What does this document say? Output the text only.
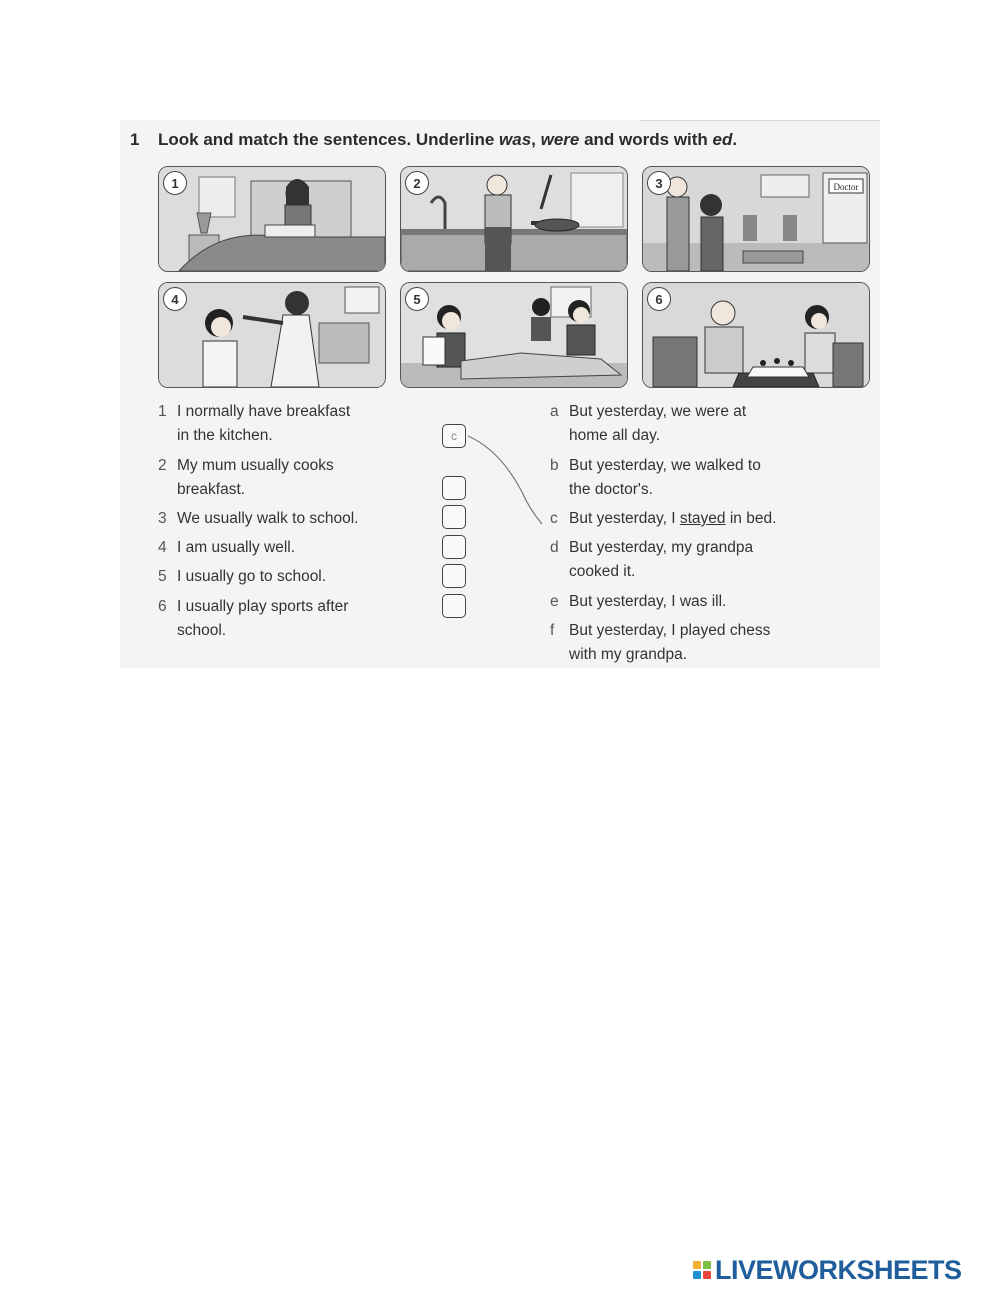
1 Look and match the sentences. Underline was, were and words with ed.
1	2	3	Doctor
4	5	6
1 I normally have breakfast
in the kitchen.
2 My mum usually cooks
breakfast.
3 We usually walk to school.
4 I am usually well.
5 I usually go to school.
6 I usually play sports after
school.
c
a But yesterday, we were at
home all day.
b But yesterday, we walked to
the doctor's.
c But yesterday, I stayed in bed.
d But yesterday, my grandpa
cooked it.
e But yesterday, I was ill.
f But yesterday, I played chess
with my grandpa.
LIVEWORKSHEETS
